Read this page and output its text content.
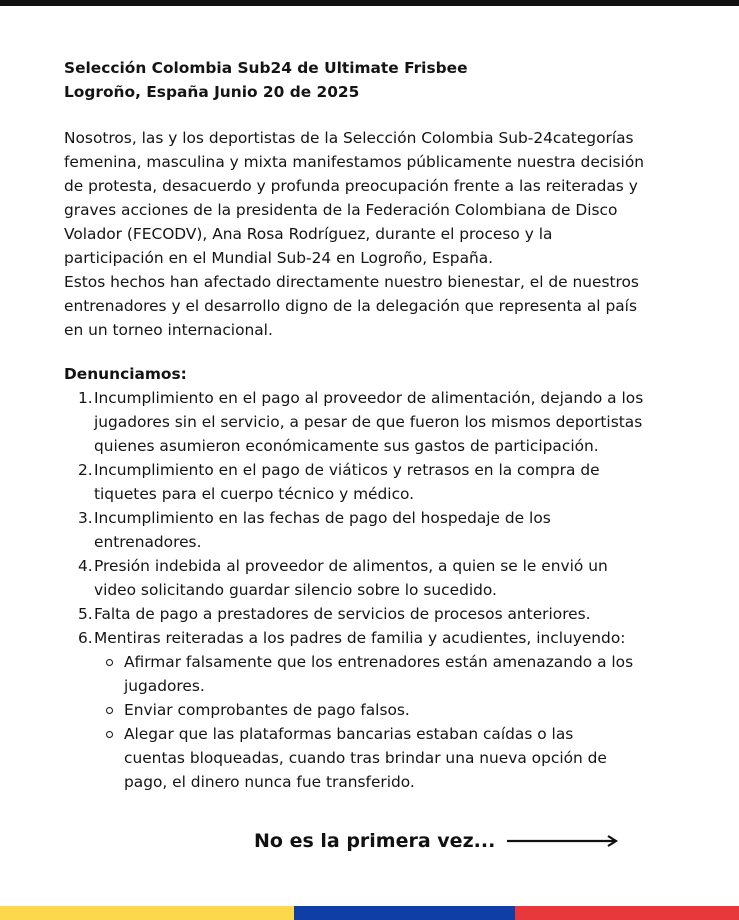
Selección Colombia Sub24 de Ultimate Frisbee
Logroño, España Junio 20 de 2025

Nosotros, las y los deportistas de la Selección Colombia Sub-24categorías

femenina, masculina y mixta manifestamos públicamente nuestra decisión

de protesta, desacuerdo y profunda preocupación frente a las reiteradas y

graves acciones de la presidenta de la Federación Colombiana de Disco

Volador (FECODV), Ana Rosa Rodríguez, durante el proceso y la

participación en el Mundial Sub-24 en Logroño, España.

Estos hechos han afectado directamente nuestro bienestar, el de nuestros

entrenadores y el desarrollo digno de la delegación que representa al país

en un torneo internacional.

Denunciamos:

1. Incumplimiento en el pago al proveedor de alimentación, dejando a los
jugadores sin el servicio, a pesar de que fueron los mismos deportistas
quienes asumieron económicamente sus gastos de participación.
2. Incumplimiento en el pago de viáticos y retrasos en la compra de
tiquetes para el cuerpo técnico y médico.
3. Incumplimiento en las fechas de pago del hospedaje de los
entrenadores.
4. Presión indebida al proveedor de alimentos, a quien se le envió un
video solicitando guardar silencio sobre lo sucedido.
5. Falta de pago a prestadores de servicios de procesos anteriores.
6. Mentiras reiteradas a los padres de familia y acudientes, incluyendo:
Afirmar falsamente que los entrenadores están amenazando a los
jugadores.
Enviar comprobantes de pago falsos.
Alegar que las plataformas bancarias estaban caídas o las
cuentas bloqueadas, cuando tras brindar una nueva opción de
pago, el dinero nunca fue transferido.
No es la primera vez...
